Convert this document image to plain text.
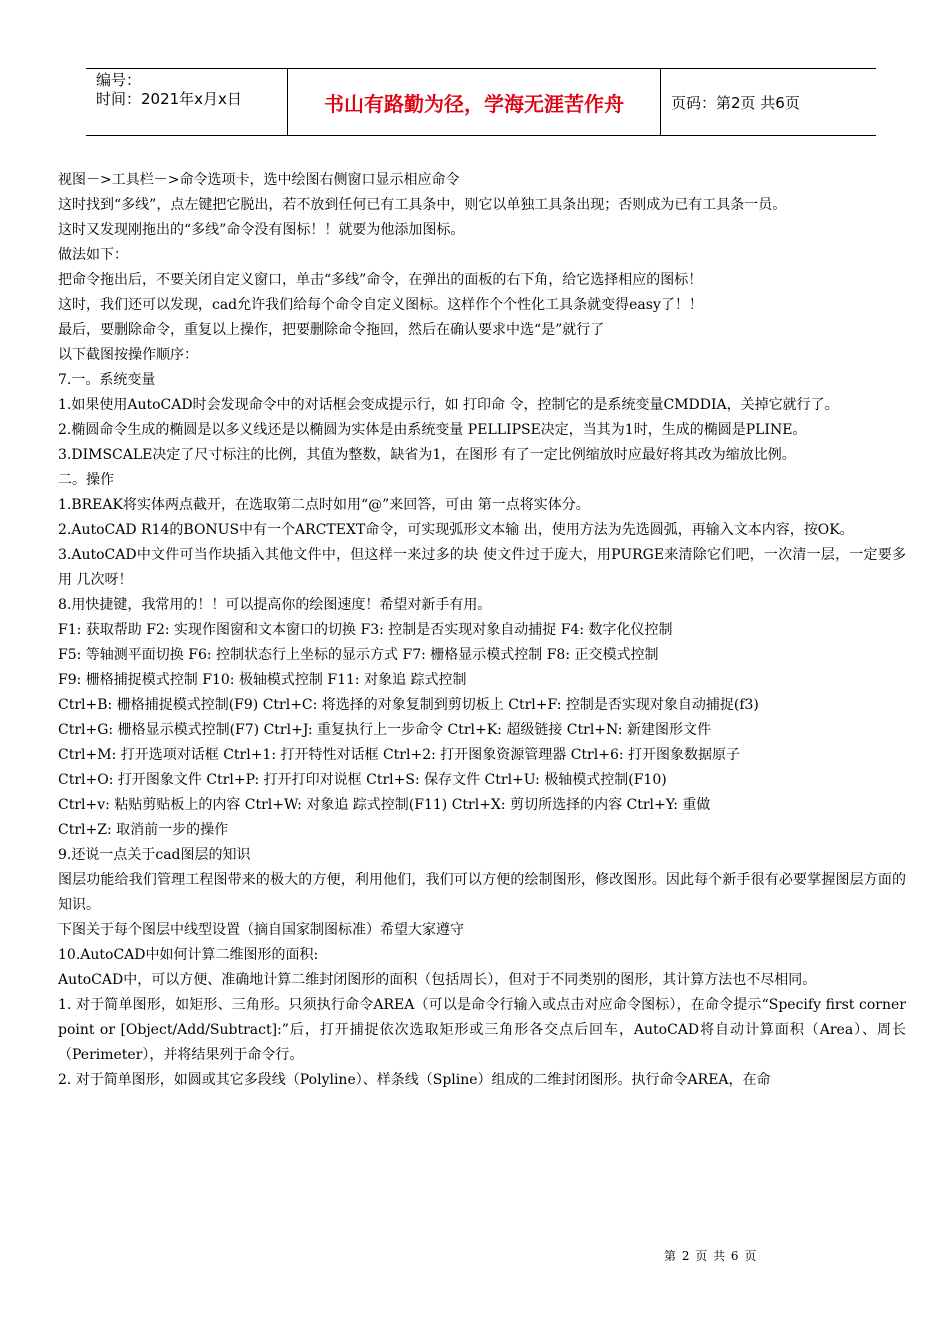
编号：
时间：2021年x月x日	书山有路勤为径，学海无涯苦作舟	页码：第2页 共6页

视图－>工具栏－>命令选项卡，选中绘图右侧窗口显示相应命令

这时找到“多线”，点左键把它脱出，若不放到任何已有工具条中，则它以单独工具条出现；否则成为已有工具条一员。

这时又发现刚拖出的“多线”命令没有图标！！就要为他添加图标。

做法如下：

把命令拖出后，不要关闭自定义窗口，单击“多线”命令，在弹出的面板的右下角，给它选择相应的图标！

这时，我们还可以发现，cad允许我们给每个命令自定义图标。这样作个个性化工具条就变得easy了！！

最后，要删除命令，重复以上操作，把要删除命令拖回，然后在确认要求中选“是”就行了

以下截图按操作顺序：

7.一。系统变量

1.如果使用AutoCAD时会发现命令中的对话框会变成提示行，如 打印命 令，控制它的是系统变量CMDDIA，关掉它就行了。

2.椭圆命令生成的椭圆是以多义线还是以椭圆为实体是由系统变量 PELLIPSE决定，当其为1时，生成的椭圆是PLINE。

3.DIMSCALE决定了尺寸标注的比例，其值为整数，缺省为1，在图形 有了一定比例缩放时应最好将其改为缩放比例。

二。操作

1.BREAK将实体两点截开，在选取第二点时如用“@”来回答，可由 第一点将实体分。

2.AutoCAD R14的BONUS中有一个ARCTEXT命令，可实现弧形文本输 出，使用方法为先选圆弧，再输入文本内容，按OK。

3.AutoCAD中文件可当作块插入其他文件中，但这样一来过多的块 使文件过于庞大，用PURGE来清除它们吧，一次清一层，一定要多用 几次呀！

8.用快捷键，我常用的！！可以提高你的绘图速度！希望对新手有用。

F1: 获取帮助 F2: 实现作图窗和文本窗口的切换 F3: 控制是否实现对象自动捕捉 F4: 数字化仪控制

F5: 等轴测平面切换 F6: 控制状态行上坐标的显示方式 F7: 栅格显示模式控制 F8: 正交模式控制

F9: 栅格捕捉模式控制 F10: 极轴模式控制 F11: 对象追 踪式控制

Ctrl+B: 栅格捕捉模式控制(F9) Ctrl+C: 将选择的对象复制到剪切板上 Ctrl+F: 控制是否实现对象自动捕捉(f3)

Ctrl+G: 栅格显示模式控制(F7) Ctrl+J: 重复执行上一步命令 Ctrl+K: 超级链接 Ctrl+N: 新建图形文件

Ctrl+M: 打开选项对话框 Ctrl+1: 打开特性对话框 Ctrl+2: 打开图象资源管理器 Ctrl+6: 打开图象数据原子

Ctrl+O: 打开图象文件 Ctrl+P: 打开打印对说框 Ctrl+S: 保存文件 Ctrl+U: 极轴模式控制(F10)

Ctrl+v: 粘贴剪贴板上的内容 Ctrl+W: 对象追 踪式控制(F11) Ctrl+X: 剪切所选择的内容 Ctrl+Y: 重做

Ctrl+Z: 取消前一步的操作

9.还说一点关于cad图层的知识

图层功能给我们管理工程图带来的极大的方便，利用他们，我们可以方便的绘制图形，修改图形。因此每个新手很有必要掌握图层方面的知识。

下图关于每个图层中线型设置（摘自国家制图标准）希望大家遵守

10.AutoCAD中如何计算二维图形的面积:

AutoCAD中，可以方便、准确地计算二维封闭图形的面积（包括周长），但对于不同类别的图形，其计算方法也不尽相同。

1. 对于简单图形，如矩形、三角形。只须执行命令AREA（可以是命令行输入或点击对应命令图标），在命令提示“Specify first corner point or [Object/Add/Subtract]:”后，打开捕捉依次选取矩形或三角形各交点后回车，AutoCAD将自动计算面积（Area）、周长（Perimeter），并将结果列于命令行。

2. 对于简单图形，如圆或其它多段线（Polyline）、样条线（Spline）组成的二维封闭图形。执行命令AREA，在命

第 2 页 共 6 页
